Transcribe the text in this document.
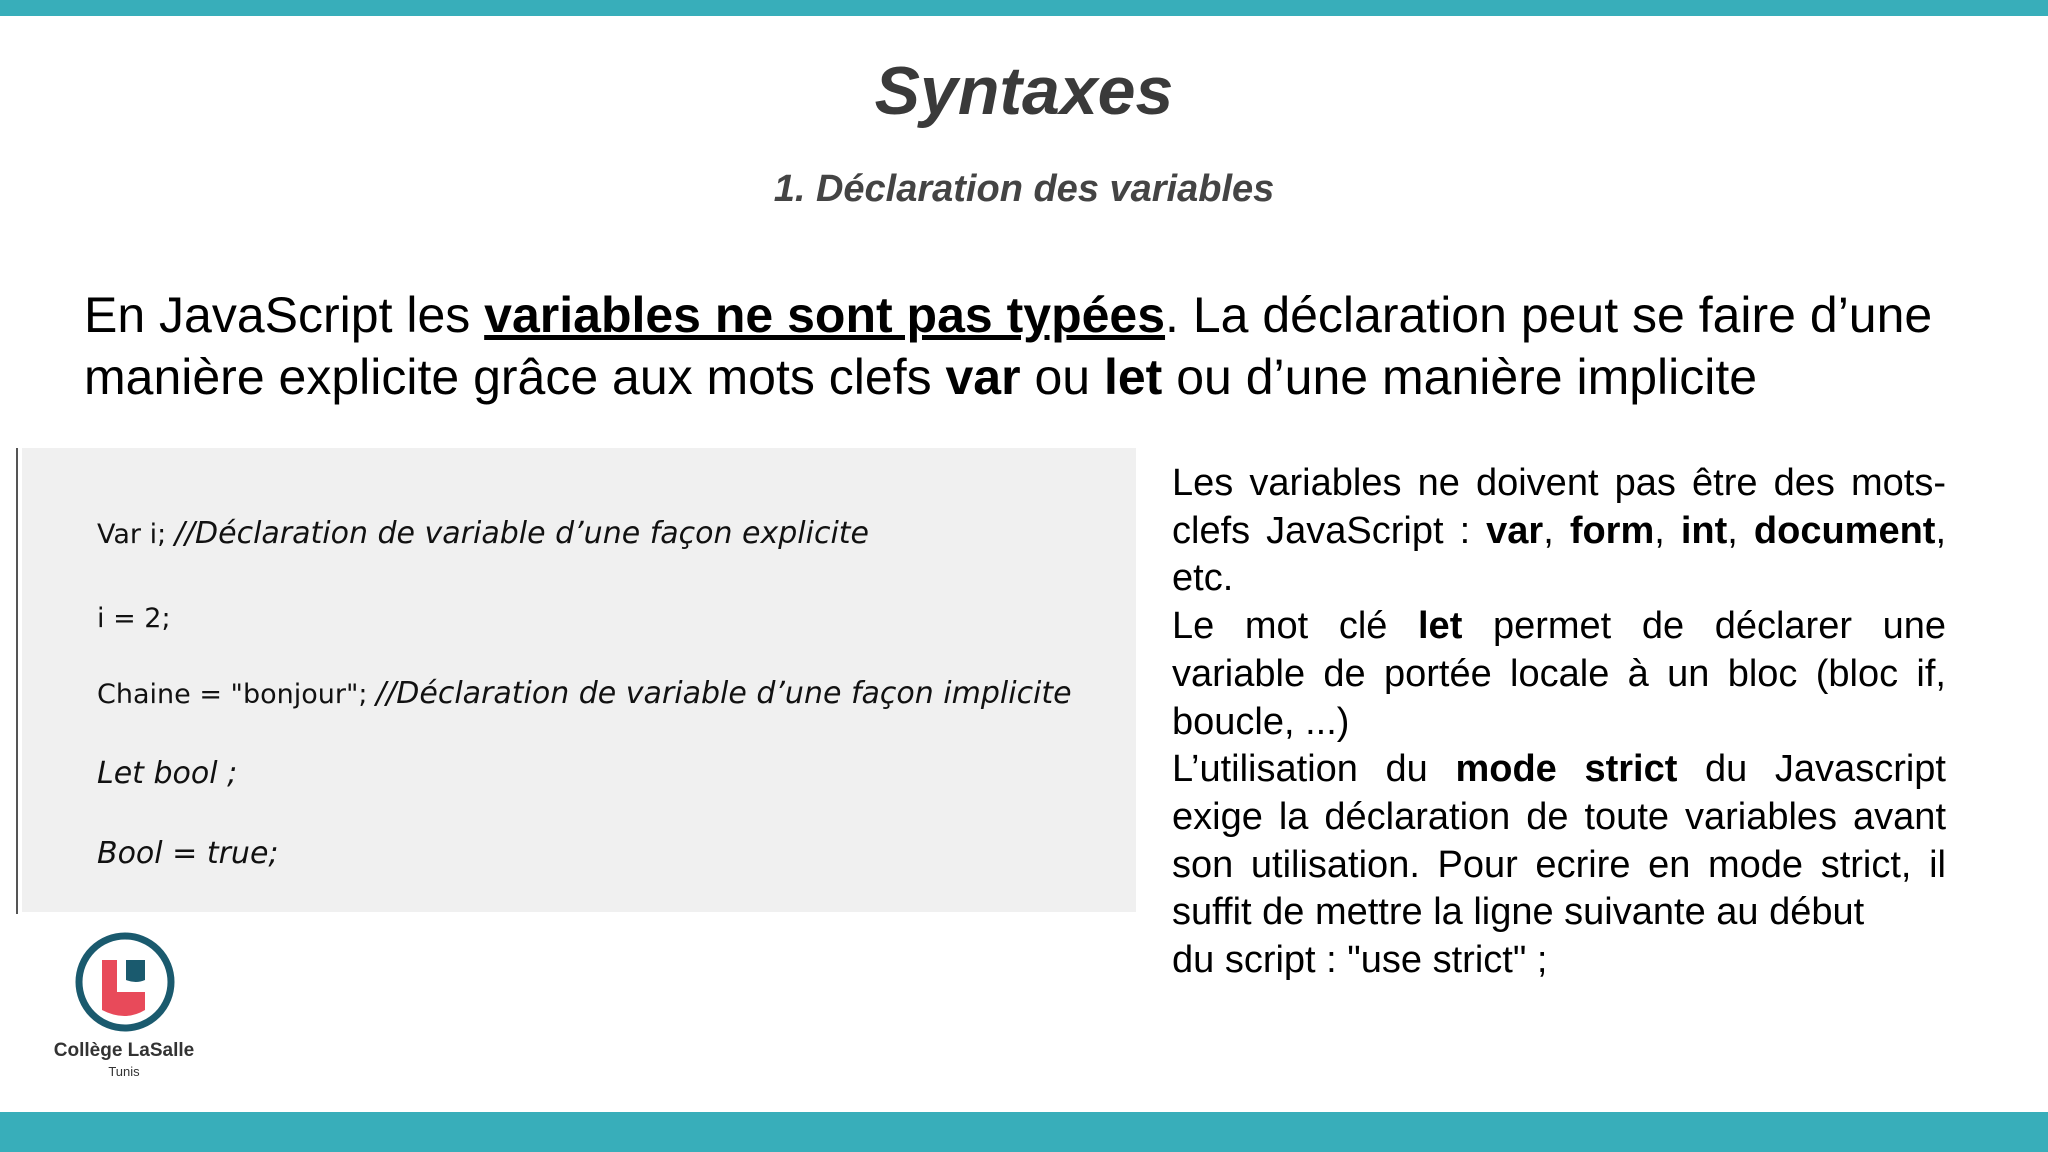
Syntaxes
1. Déclaration des variables
En JavaScript les variables ne sont pas typées. La déclaration peut se faire d’une manière explicite grâce aux mots clefs var ou let ou d’une manière implicite
Var i; //Déclaration de variable d’une façon explicite
i = 2;
Chaine = "bonjour"; //Déclaration de variable d’une façon implicite
Let bool ;
Bool = true;

Les variables ne doivent pas être des mots-clefs JavaScript : var, form, int, document, etc.

Le mot clé let permet de déclarer une variable de portée locale à un bloc (bloc if, boucle, ...)

L’utilisation du mode strict du Javascript exige la déclaration de toute variables avant son utilisation. Pour ecrire en mode strict, il suffit de mettre la ligne suivante au début

du script : "use strict" ;

Collège LaSalle
Tunis
